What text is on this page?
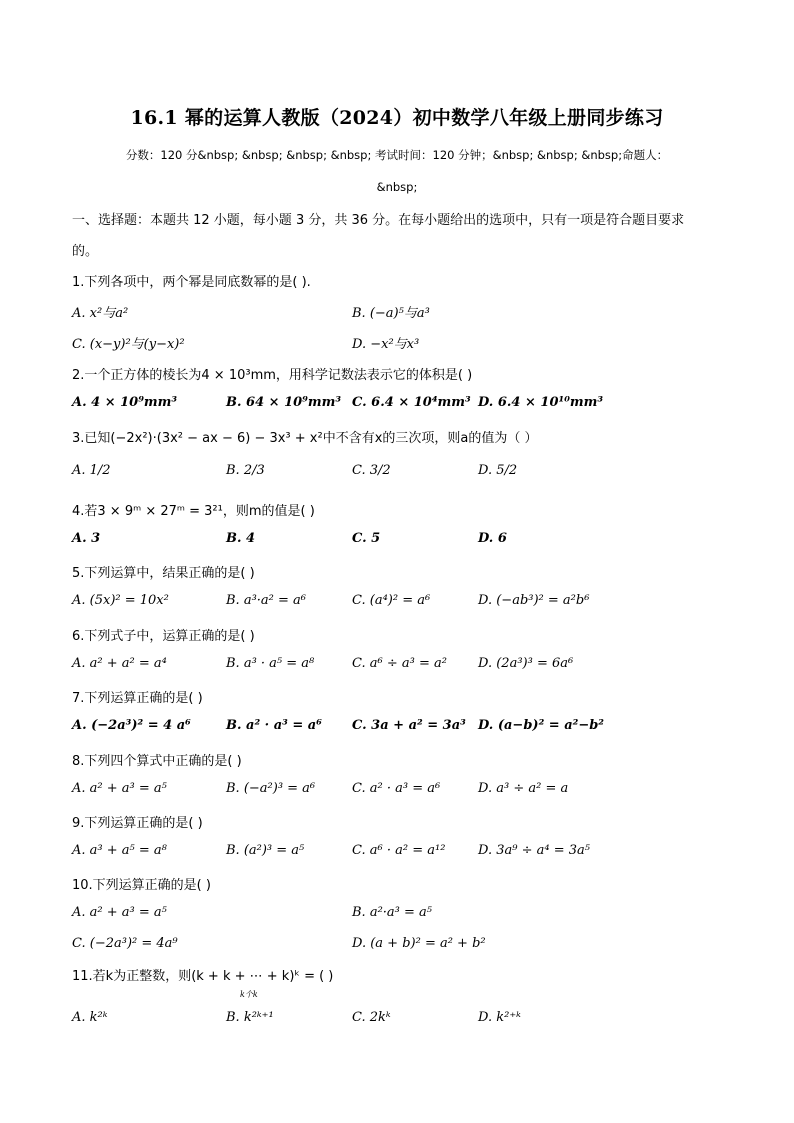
16.1 幂的运算人教版（2024）初中数学八年级上册同步练习
分数：120 分&nbsp; &nbsp; &nbsp; &nbsp; 考试时间：120 分钟；&nbsp; &nbsp; &nbsp;命题人：
&nbsp;
一、选择题：本题共 12 小题，每小题 3 分，共 36 分。在每小题给出的选项中，只有一项是符合题目要求
的。
1.下列各项中，两个幂是同底数幂的是( ).
A. x²与a²	B. (−a)⁵与a³
C. (x−y)²与(y−x)²	D. −x²与x³
2.一个正方体的棱长为4 × 10³mm，用科学记数法表示它的体积是( )
A. 4 × 10⁹mm³	B. 64 × 10⁹mm³ C. 6.4 × 10⁴mm³ D. 6.4 × 10¹⁰mm³
3.已知(−2x²)·(3x² − ax − 6) − 3x³ + x²中不含有x的三次项，则a的值为（ ）
A. 1/2	B. 2/3	C. 3/2	D. 5/2
4.若3 × 9ᵐ × 27ᵐ = 3²¹，则m的值是( )
A. 3	B. 4	C. 5	D. 6
5.下列运算中，结果正确的是( )
A. (5x)² = 10x²	B. a³·a² = a⁶	C. (a⁴)² = a⁶	D. (−ab³)² = a²b⁶
6.下列式子中，运算正确的是( )
A. a² + a² = a⁴	B. a³ · a⁵ = a⁸	C. a⁶ ÷ a³ = a² D. (2a³)³ = 6a⁶
7.下列运算正确的是( )
A. (−2a³)² = 4 a⁶	B. a² · a³ = a⁶ C. 3a + a² = 3a³ D. (a−b)² = a²−b²
8.下列四个算式中正确的是( )
A. a² + a³ = a⁵	B. (−a²)³ = a⁶	C. a² · a³ = a⁶	D. a³ ÷ a² = a
9.下列运算正确的是( )
A. a³ + a⁵ = a⁸	B. (a²)³ = a⁵	C. a⁶ · a² = a¹²	D. 3a⁹ ÷ a⁴ = 3a⁵
10.下列运算正确的是( )
A. a² + a³ = a⁵	B. a²·a³ = a⁵
C. (−2a³)² = 4a⁹	D. (a + b)² = a² + b²
11.若k为正整数，则(k + k + ⋯ + k)ᵏ = ( )
k个k
A. k²ᵏ	B. k²ᵏ⁺¹	C. 2kᵏ	D. k²⁺ᵏ
